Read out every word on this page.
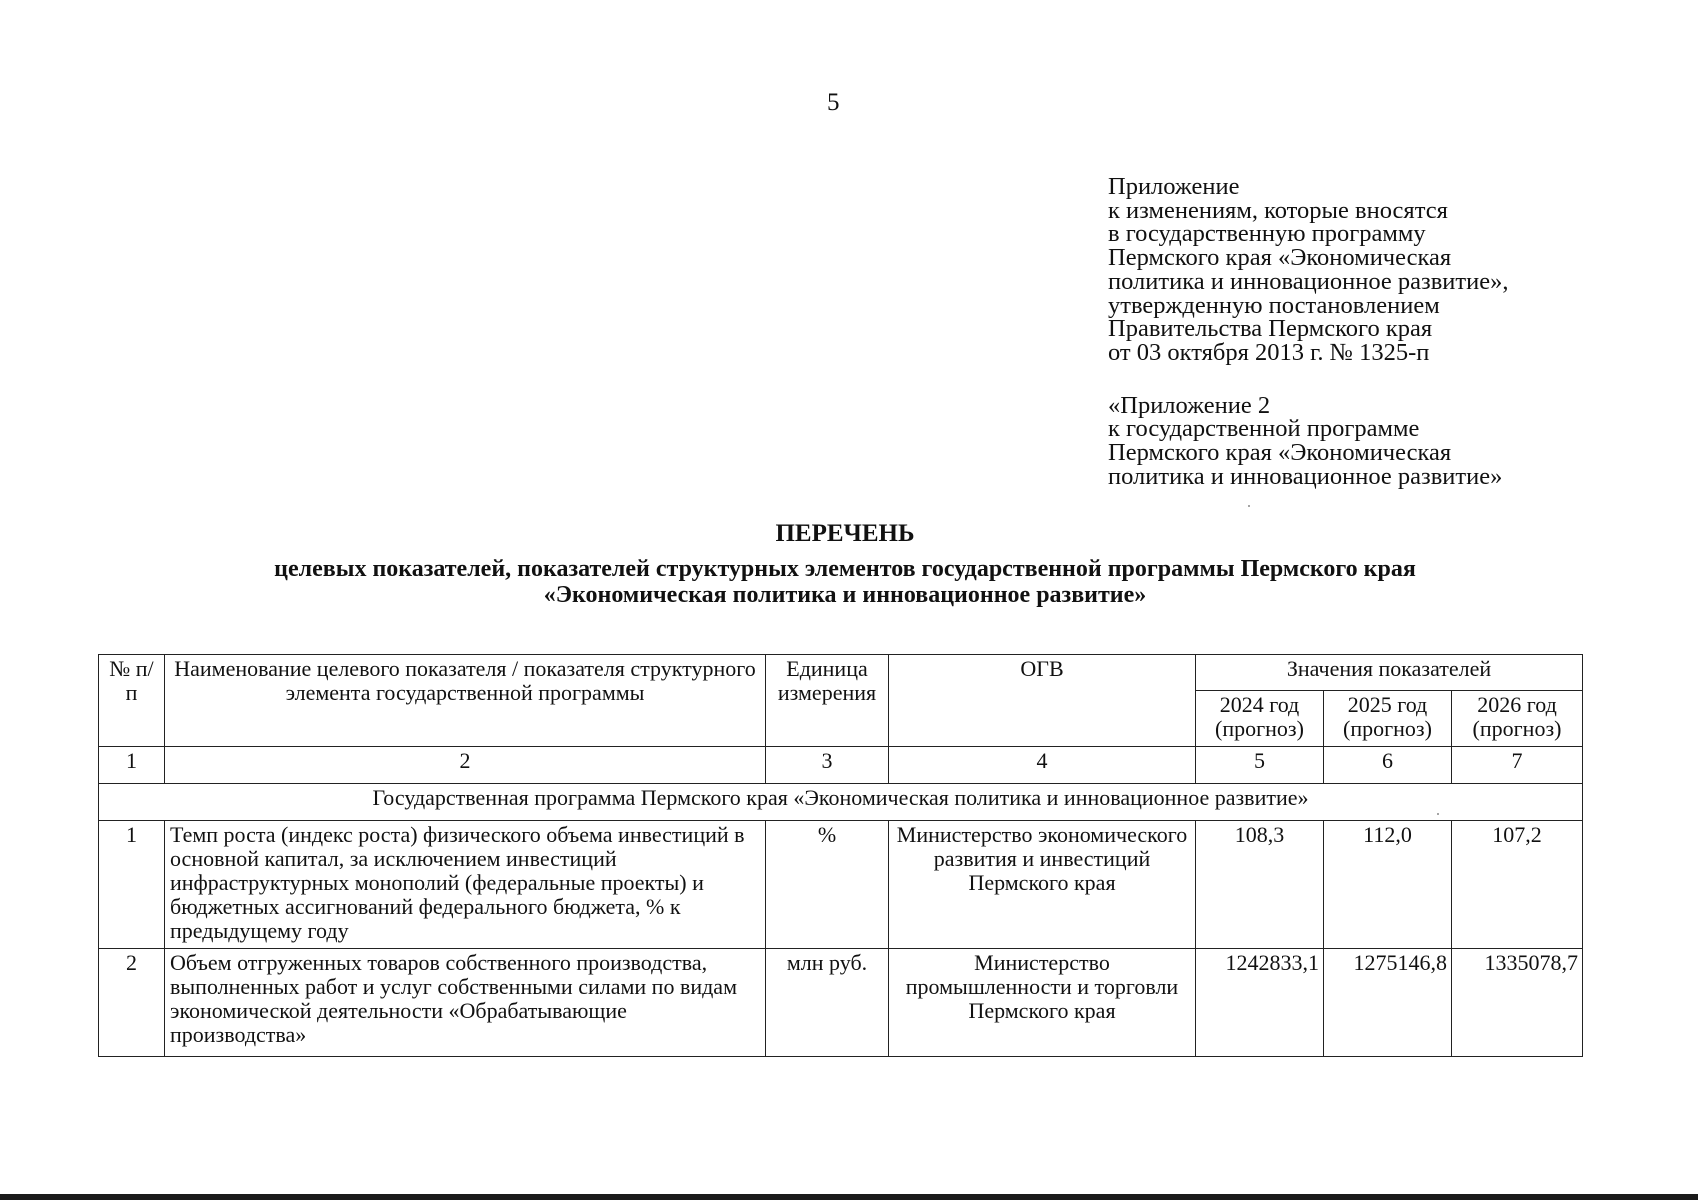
5
Приложение
к изменениям, которые вносятся
в государственную программу
Пермского края «Экономическая
политика и инновационное развитие»,
утвержденную постановлением
Правительства Пермского края
от 03 октября 2013 г. № 1325-п
«Приложение 2
к государственной программе
Пермского края «Экономическая
политика и инновационное развитие»
ПЕРЕЧЕНЬ
целевых показателей, показателей структурных элементов государственной программы Пермского края
«Экономическая политика и инновационное развитие»
№ п/п	Наименование целевого показателя / показателя структурного элемента государственной программы	Единица измерения	ОГВ	Значения показателей		
				2024 год (прогноз)	2025 год (прогноз)	2026 год (прогноз)
1	2	3	4	5	6	7
Государственная программа Пермского края «Экономическая политика и инновационное развитие»						
1	Темп роста (индекс роста) физического объема инвестиций в основной капитал, за исключением инвестиций инфраструктурных монополий (федеральные проекты) и бюджетных ассигнований федерального бюджета, % к предыдущему году	%	Министерство экономического развития и инвестиций Пермского края	108,3	112,0	107,2
2	Объем отгруженных товаров собственного производства, выполненных работ и услуг собственными силами по видам экономической деятельности «Обрабатывающие производства»	млн руб.	Министерство промышленности и торговли Пермского края	1242833,1	1275146,8	1335078,7
